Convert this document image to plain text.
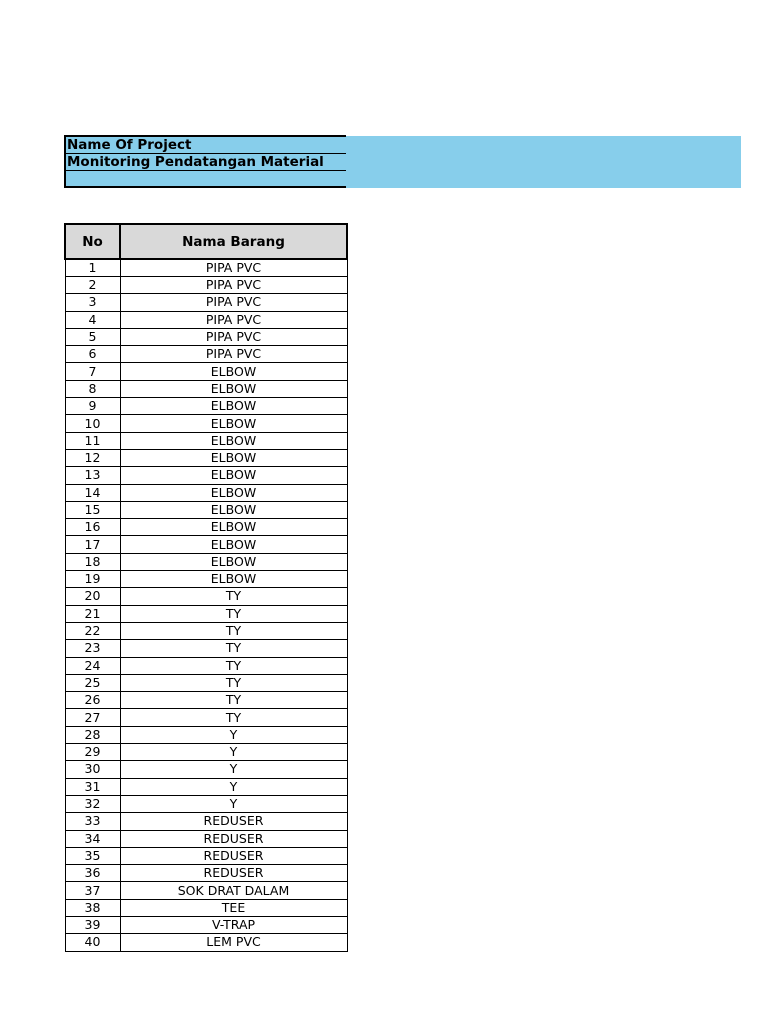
Name Of Project
Monitoring Pendatangan Material
No	Nama Barang
1	PIPA PVC
2	PIPA PVC
3	PIPA PVC
4	PIPA PVC
5	PIPA PVC
6	PIPA PVC
7	ELBOW
8	ELBOW
9	ELBOW
10	ELBOW
11	ELBOW
12	ELBOW
13	ELBOW
14	ELBOW
15	ELBOW
16	ELBOW
17	ELBOW
18	ELBOW
19	ELBOW
20	TY
21	TY
22	TY
23	TY
24	TY
25	TY
26	TY
27	TY
28	Y
29	Y
30	Y
31	Y
32	Y
33	REDUSER
34	REDUSER
35	REDUSER
36	REDUSER
37	SOK DRAT DALAM
38	TEE
39	V-TRAP
40	LEM PVC
